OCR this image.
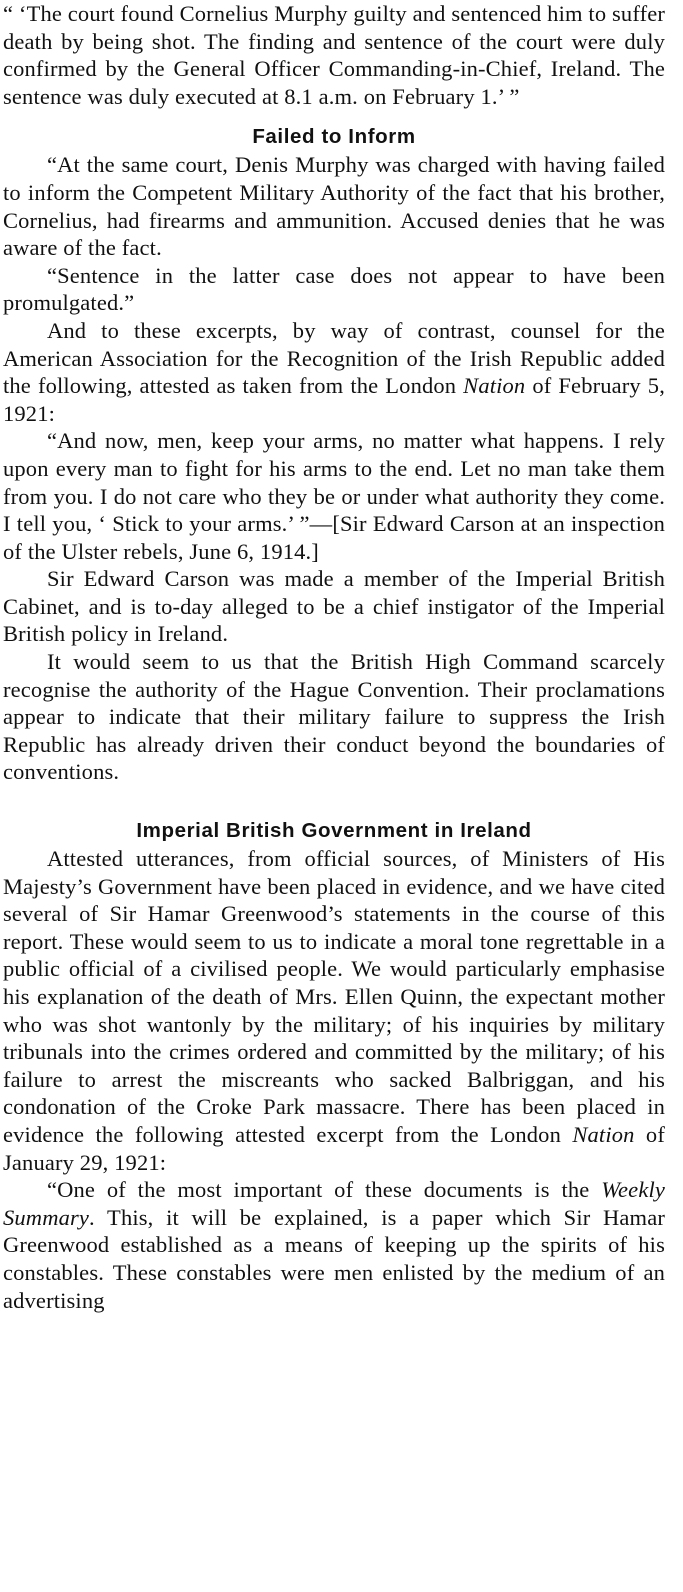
“ ‘The court found Cornelius Murphy guilty and sentenced him to suffer death by being shot. The finding and sentence of the court were duly confirmed by the General Officer Commanding-in-Chief, Ireland. The sentence was duly executed at 8.1 a.m. on February 1.’ ”

Failed to Inform

“At the same court, Denis Murphy was charged with having failed to inform the Competent Military Authority of the fact that his brother, Cornelius, had firearms and ammunition. Accused denies that he was aware of the fact.

“Sentence in the latter case does not appear to have been promulgated.”

And to these excerpts, by way of contrast, counsel for the American Association for the Recognition of the Irish Republic added the following, attested as taken from the London Nation of February 5, 1921:

“And now, men, keep your arms, no matter what happens. I rely upon every man to fight for his arms to the end. Let no man take them from you. I do not care who they be or under what authority they come. I tell you, ‘ Stick to your arms.’ ”—[Sir Edward Carson at an inspection of the Ulster rebels, June 6, 1914.]

Sir Edward Carson was made a member of the Imperial British Cabinet, and is to-day alleged to be a chief instigator of the Imperial British policy in Ireland.

It would seem to us that the British High Command scarcely recognise the authority of the Hague Convention. Their proclamations appear to indicate that their military failure to suppress the Irish Republic has already driven their conduct beyond the boundaries of conventions.

Imperial British Government in Ireland

Attested utterances, from official sources, of Ministers of His Majesty’s Government have been placed in evidence, and we have cited several of Sir Hamar Greenwood’s statements in the course of this report. These would seem to us to indicate a moral tone regrettable in a public official of a civilised people. We would particularly emphasise his explanation of the death of Mrs. Ellen Quinn, the expectant mother who was shot wantonly by the military; of his inquiries by military tribunals into the crimes ordered and committed by the military; of his failure to arrest the miscreants who sacked Balbriggan, and his condonation of the Croke Park massacre. There has been placed in evidence the following attested excerpt from the London Nation of January 29, 1921:

“One of the most important of these documents is the Weekly Summary. This, it will be explained, is a paper which Sir Hamar Greenwood established as a means of keeping up the spirits of his constables. These constables were men enlisted by the medium of an advertising
